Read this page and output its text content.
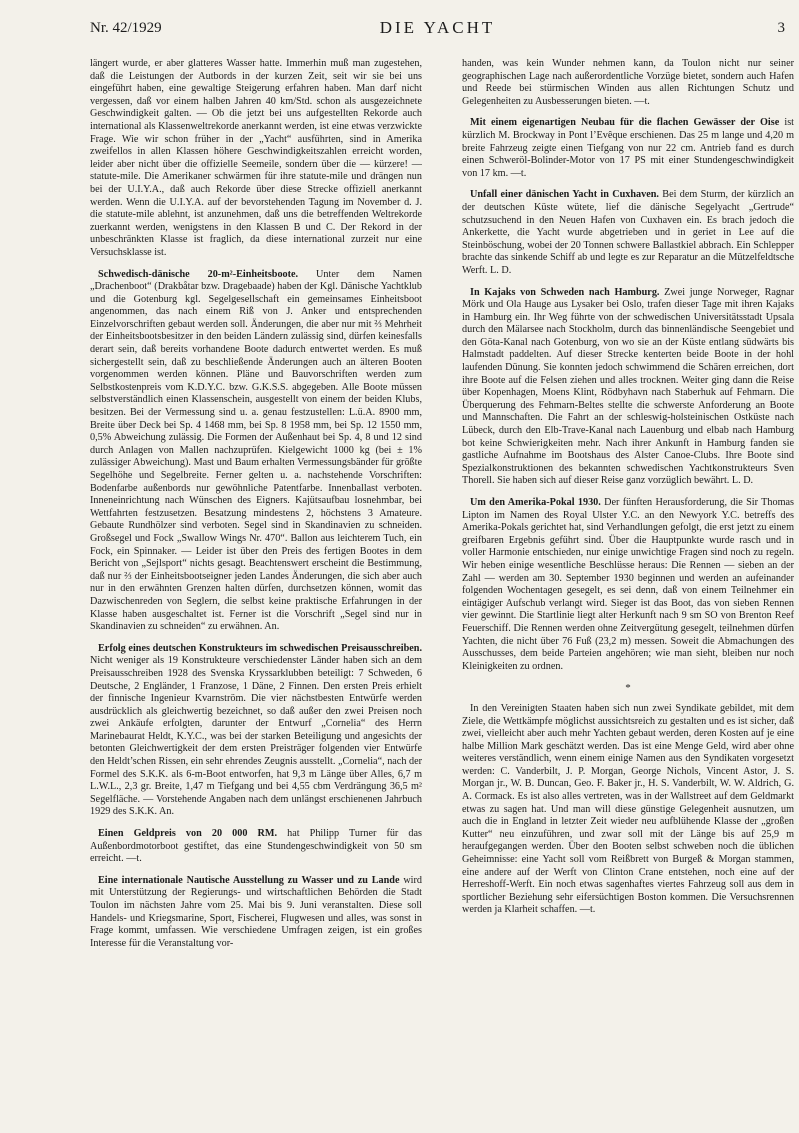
Nr. 42/1929	DIE YACHT	3

längert wurde, er aber glatteres Wasser hatte. Immerhin muß man zugestehen, daß die Leistungen der Autbords in der kurzen Zeit, seit wir sie bei uns eingeführt haben, eine gewaltige Steigerung erfahren haben. Man darf nicht vergessen, daß vor einem halben Jahren 40 km/Std. schon als ausgezeichnete Geschwindigkeit galten. — Ob die jetzt bei uns aufgestellten Rekorde auch international als Klassenweltrekorde anerkannt werden, ist eine etwas verzwickte Frage. Wie wir schon früher in der „Yacht“ ausführten, sind in Amerika zweifellos in allen Klassen höhere Geschwindigkeitszahlen erreicht worden, leider aber nicht über die offizielle Seemeile, sondern über die — kürzere! — statute-mile. Die Amerikaner schwärmen für ihre statute-mile und drängen nun bei der U.I.Y.A., daß auch Rekorde über diese Strecke offiziell anerkannt werden. Wenn die U.I.Y.A. auf der bevorstehenden Tagung im November d. J. die statute-mile ablehnt, ist anzunehmen, daß uns die betreffenden Weltrekorde zuerkannt werden, wenigstens in den Klassen B und C. Der Rekord in der unbeschränkten Klasse ist fraglich, da diese international zurzeit nur eine Versuchsklasse ist.

Schwedisch-dänische 20-m²-Einheitsboote. Unter dem Namen „Drachenboot“ (Drakbåtar bzw. Dragebaade) haben der Kgl. Dänische Yachtklub und die Gotenburg kgl. Segelgesellschaft ein gemeinsames Einheitsboot angenommen, das nach einem Riß von J. Anker und entsprechenden Einzelvorschriften gebaut werden soll. Änderungen, die aber nur mit ⅔ Mehrheit der Einheitsbootsbesitzer in den beiden Ländern zulässig sind, dürfen keinesfalls derart sein, daß bereits vorhandene Boote dadurch entwertet werden. Es muß sichergestellt sein, daß zu beschließende Änderungen auch an älteren Booten vorgenommen werden können. Pläne und Bauvorschriften werden zum Selbstkostenpreis vom K.D.Y.C. bzw. G.K.S.S. abgegeben. Alle Boote müssen selbstverständlich einen Klassenschein, ausgestellt von einem der beiden Klubs, besitzen. Bei der Vermessung sind u. a. genau festzustellen: L.ü.A. 8900 mm, Breite über Deck bei Sp. 4 1468 mm, bei Sp. 8 1958 mm, bei Sp. 12 1550 mm, 0,5% Abweichung zulässig. Die Formen der Außenhaut bei Sp. 4, 8 und 12 sind durch Anlagen von Mallen nachzuprüfen. Kielgewicht 1000 kg (bei ± 1% zulässiger Abweichung). Mast und Baum erhalten Vermessungsbänder für größte Segelhöhe und Segelbreite. Ferner gelten u. a. nachstehende Vorschriften: Bodenfarbe außenbords nur gewöhnliche Patentfarbe. Innenballast verboten. Inneneinrichtung nach Wünschen des Eigners. Kajütsaufbau losnehmbar, bei Wettfahrten festzusetzen. Besatzung mindestens 2, höchstens 3 Amateure. Gebaute Rundhölzer sind verboten. Segel sind in Skandinavien zu schneiden. Großsegel und Fock „Swallow Wings Nr. 470“. Ballon aus leichterem Tuch, ein Fock, ein Spinnaker. — Leider ist über den Preis des fertigen Bootes in dem Bericht von „Sejlsport“ nichts gesagt. Beachtenswert erscheint die Bestimmung, daß nur ⅔ der Einheitsbootseigner jeden Landes Änderungen, die sich aber auch nur in den erwähnten Grenzen halten dürfen, durchsetzen können, womit das Dazwischenreden von Seglern, die selbst keine praktische Erfahrungen in der Klasse haben ausgeschaltet ist. Ferner ist die Vorschrift „Segel sind nur in Skandinavien zu schneiden“ zu erwähnen. An.

Erfolg eines deutschen Konstrukteurs im schwedischen Preisausschreiben. Nicht weniger als 19 Konstrukteure verschiedenster Länder haben sich an dem Preisausschreiben 1928 des Svenska Kryssarklubben beteiligt: 7 Schweden, 6 Deutsche, 2 Engländer, 1 Franzose, 1 Däne, 2 Finnen. Den ersten Preis erhielt der finnische Ingenieur Kvarnström. Die vier nächstbesten Entwürfe werden ausdrücklich als gleichwertig bezeichnet, so daß außer den zwei Preisen noch zwei Ankäufe erfolgten, darunter der Entwurf „Cornelia“ des Herrn Marinebaurat Heldt, K.Y.C., was bei der starken Beteiligung und angesichts der betonten Gleichwertigkeit der dem ersten Preisträger folgenden vier Entwürfe den Heldt’schen Rissen, ein sehr ehrendes Zeugnis ausstellt. „Cornelia“, nach der Formel des S.K.K. als 6-m-Boot entworfen, hat 9,3 m Länge über Alles, 6,7 m L.W.L., 2,3 gr. Breite, 1,47 m Tiefgang und bei 4,55 cbm Verdrängung 36,5 m² Segelfläche. — Vorstehende Angaben nach dem unlängst erschienenen Jahrbuch 1929 des S.K.K. An.

Einen Geldpreis von 20 000 RM. hat Philipp Turner für das Außenbordmotorboot gestiftet, das eine Stundengeschwindigkeit von 50 sm erreicht. —t.

Eine internationale Nautische Ausstellung zu Wasser und zu Lande wird mit Unterstützung der Regierungs- und wirtschaftlichen Behörden die Stadt Toulon im nächsten Jahre vom 25. Mai bis 9. Juni veranstalten. Diese soll Handels- und Kriegsmarine, Sport, Fischerei, Flugwesen und alles, was sonst in Frage kommt, umfassen. Wie verschiedene Umfragen zeigen, ist ein großes Interesse für die Veranstaltung vor-

handen, was kein Wunder nehmen kann, da Toulon nicht nur seiner geographischen Lage nach außerordentliche Vorzüge bietet, sondern auch Hafen und Reede bei stürmischen Winden aus allen Richtungen Schutz und Gelegenheiten zu Ausbesserungen bieten. —t.

Mit einem eigenartigen Neubau für die flachen Gewässer der Oise ist kürzlich M. Brockway in Pont l’Evêque erschienen. Das 25 m lange und 4,20 m breite Fahrzeug zeigte einen Tiefgang von nur 22 cm. Antrieb fand es durch einen Schweröl-Bolinder-Motor von 17 PS mit einer Stundengeschwindigkeit von 17 km. —t.

Unfall einer dänischen Yacht in Cuxhaven. Bei dem Sturm, der kürzlich an der deutschen Küste wütete, lief die dänische Segelyacht „Gertrude“ schutzsuchend in den Neuen Hafen von Cuxhaven ein. Es brach jedoch die Ankerkette, die Yacht wurde abgetrieben und in geriet in Lee auf die Steinböschung, wobei der 20 Tonnen schwere Ballastkiel abbrach. Ein Schlepper brachte das sinkende Schiff ab und legte es zur Reparatur an die Mützelfeldtsche Werft. L. D.

In Kajaks von Schweden nach Hamburg. Zwei junge Norweger, Ragnar Mörk und Ola Hauge aus Lysaker bei Oslo, trafen dieser Tage mit ihren Kajaks in Hamburg ein. Ihr Weg führte von der schwedischen Universitätsstadt Upsala durch den Mälarsee nach Stockholm, durch das binnenländische Seengebiet und den Göta-Kanal nach Gotenburg, von wo sie an der Küste entlang südwärts bis Halmstadt paddelten. Auf dieser Strecke kenterten beide Boote in der hohl laufenden Dünung. Sie konnten jedoch schwimmend die Schären erreichen, dort ihre Boote auf die Felsen ziehen und alles trocknen. Weiter ging dann die Reise über Kopenhagen, Moens Klint, Rödbyhavn nach Staberhuk auf Fehmarn. Die Überquerung des Fehmarn-Beltes stellte die schwerste Anforderung an Boote und Mannschaften. Die Fahrt an der schleswig-holsteinischen Ostküste nach Lübeck, durch den Elb-Trave-Kanal nach Lauenburg und elbab nach Hamburg bot keine Schwierigkeiten mehr. Nach ihrer Ankunft in Hamburg fanden sie gastliche Aufnahme im Bootshaus des Alster Canoe-Clubs. Ihre Boote sind Spezialkonstruktionen des bekannten schwedischen Yachtkonstrukteurs Sven Thorell. Sie haben sich auf dieser Reise ganz vorzüglich bewährt. L. D.

Um den Amerika-Pokal 1930. Der fünften Herausforderung, die Sir Thomas Lipton im Namen des Royal Ulster Y.C. an den Newyork Y.C. betreffs des Amerika-Pokals gerichtet hat, sind Verhandlungen gefolgt, die erst jetzt zu einem greifbaren Ergebnis geführt sind. Über die Hauptpunkte wurde rasch und in voller Harmonie entschieden, nur einige unwichtige Fragen sind noch zu regeln. Wir heben einige wesentliche Beschlüsse heraus: Die Rennen — sieben an der Zahl — werden am 30. September 1930 beginnen und werden an aufeinander folgenden Wochentagen gesegelt, es sei denn, daß von einem Teilnehmer ein eintägiger Aufschub verlangt wird. Sieger ist das Boot, das von sieben Rennen vier gewinnt. Die Startlinie liegt alter Herkunft nach 9 sm SO von Brenton Reef Feuerschiff. Die Rennen werden ohne Zeitvergütung gesegelt, teilnehmen dürfen Yachten, die nicht über 76 Fuß (23,2 m) messen. Soweit die Abmachungen des Ausschusses, dem beide Parteien angehören; wie man sieht, bleiben nur noch Kleinigkeiten zu ordnen.

*

In den Vereinigten Staaten haben sich nun zwei Syndikate gebildet, mit dem Ziele, die Wettkämpfe möglichst aussichtsreich zu gestalten und es ist sicher, daß zwei, vielleicht aber auch mehr Yachten gebaut werden, deren Kosten auf je eine halbe Million Mark geschätzt werden. Das ist eine Menge Geld, wird aber ohne weiteres verständlich, wenn einem einige Namen aus den Syndikaten vorgesetzt werden: C. Vanderbilt, J. P. Morgan, George Nichols, Vincent Astor, J. S. Morgan jr., W. B. Duncan, Geo. F. Baker jr., H. S. Vanderbilt, W. W. Aldrich, G. A. Cormack. Es ist also alles vertreten, was in der Wallstreet auf dem Geldmarkt etwas zu sagen hat. Und man will diese günstige Gelegenheit ausnutzen, um auch die in England in letzter Zeit wieder neu aufblühende Klasse der „großen Kutter“ neu einzuführen, und zwar soll mit der Länge bis auf 25,9 m heraufgegangen werden. Über den Booten selbst schweben noch die üblichen Geheimnisse: eine Yacht soll vom Reißbrett von Burgeß & Morgan stammen, eine andere auf der Werft von Clinton Crane entstehen, noch eine auf der Herreshoff-Werft. Ein noch etwas sagenhaftes viertes Fahrzeug soll aus dem in sportlicher Beziehung sehr eifersüchtigen Boston kommen. Die Versuchsrennen werden ja Klarheit schaffen. —t.
